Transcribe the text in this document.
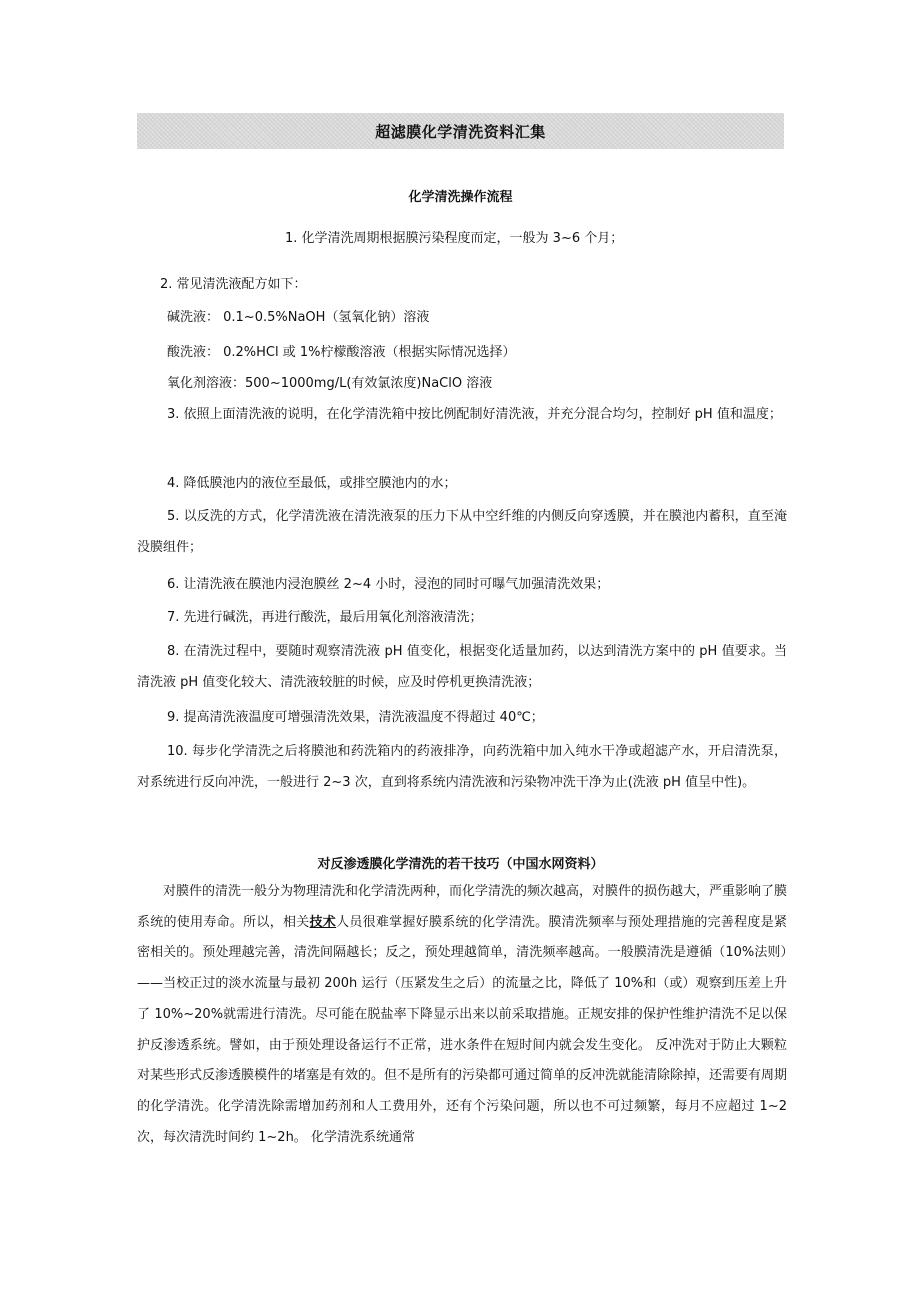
超滤膜化学清洗资料汇集
化学清洗操作流程

1. 化学清洗周期根据膜污染程度而定，一般为 3~6 个月；

2. 常见清洗液配方如下：

碱洗液： 0.1~0.5%NaOH（氢氧化钠）溶液

酸洗液： 0.2%HCl 或 1%柠檬酸溶液（根据实际情况选择）

氧化剂溶液：500~1000mg/L(有效氯浓度)NaClO 溶液

3. 依照上面清洗液的说明，在化学清洗箱中按比例配制好清洗液，并充分混合均匀，控制好 pH 值和温度；

4. 降低膜池内的液位至最低，或排空膜池内的水；

5. 以反洗的方式，化学清洗液在清洗液泵的压力下从中空纤维的内侧反向穿透膜，并在膜池内蓄积，直至淹没膜组件；

6. 让清洗液在膜池内浸泡膜丝 2~4 小时，浸泡的同时可曝气加强清洗效果；

7. 先进行碱洗，再进行酸洗，最后用氧化剂溶液清洗；

8. 在清洗过程中，要随时观察清洗液 pH 值变化，根据变化适量加药，以达到清洗方案中的 pH 值要求。当清洗液 pH 值变化较大、清洗液较脏的时候，应及时停机更换清洗液；

9. 提高清洗液温度可增强清洗效果，清洗液温度不得超过 40℃；

10. 每步化学清洗之后将膜池和药洗箱内的药液排净，向药洗箱中加入纯水干净或超滤产水，开启清洗泵，对系统进行反向冲洗，一般进行 2~3 次，直到将系统内清洗液和污染物冲洗干净为止(洗液 pH 值呈中性)。

对反渗透膜化学清洗的若干技巧（中国水网资料）

　　对膜件的清洗一般分为物理清洗和化学清洗两种，而化学清洗的频次越高，对膜件的损伤越大，严重影响了膜系统的使用寿命。所以，相关技术人员很难掌握好膜系统的化学清洗。膜清洗频率与预处理措施的完善程度是紧密相关的。预处理越完善，清洗间隔越长；反之，预处理越简单，清洗频率越高。一般膜清洗是遵循（10%法则）——当校正过的淡水流量与最初 200h 运行（压紧发生之后）的流量之比，降低了 10%和（或）观察到压差上升了 10%~20%就需进行清洗。尽可能在脱盐率下降显示出来以前采取措施。正规安排的保护性维护清洗不足以保护反渗透系统。譬如，由于预处理设备运行不正常，进水条件在短时间内就会发生变化。 反冲洗对于防止大颗粒对某些形式反渗透膜模件的堵塞是有效的。但不是所有的污染都可通过简单的反冲洗就能清除除掉，还需要有周期的化学清洗。化学清洗除需增加药剂和人工费用外，还有个污染问题，所以也不可过频繁，每月不应超过 1~2 次，每次清洗时间约 1~2h。 化学清洗系统通常
